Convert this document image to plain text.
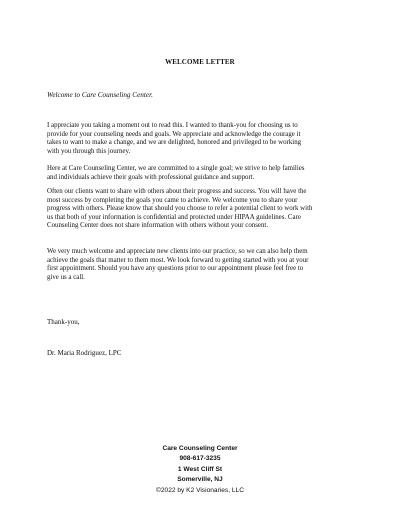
WELCOME LETTER
Welcome to Care Counseling Center.

I appreciate you taking a moment out to read this. I wanted to thank-you for choosing us to
provide for your counseling needs and goals. We appreciate and acknowledge the courage it
takes to want to make a change, and we are delighted, honored and privileged to be working
with you through this journey.

Here at Care Counseling Center, we are committed to a single goal; we strive to help families
and individuals achieve their goals with professional guidance and support.

Often our clients want to share with others about their progress and success. You will have the
most success by completing the goals you came to achieve. We welcome you to share your
progress with others. Please know that should you choose to refer a potential client to work with
us that both of your information is confidential and protected under HIPAA guidelines. Care
Counseling Center does not share information with others without your consent.

We very much welcome and appreciate new clients into our practice, so we can also help them
achieve the goals that matter to them most. We look forward to getting started with you at your
first appointment. Should you have any questions prior to our appointment please feel free to
give us a call.

Thank-you,
Dr. Maria Rodriguez, LPC
Care Counseling Center
908-617-3235
1 West Cliff St
Somerville, NJ
©2022 by K2 Visionaries, LLC
